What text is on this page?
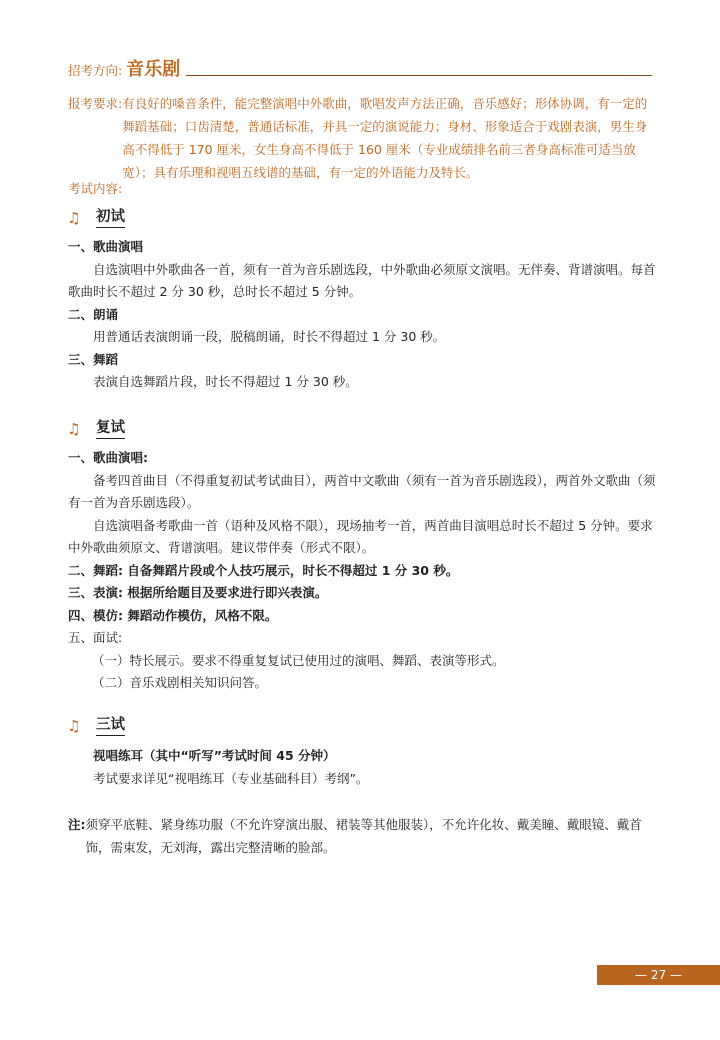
招考方向: 音乐剧
报考要求: 有良好的嗓音条件，能完整演唱中外歌曲，歌唱发声方法正确，音乐感好；形体协调，有一定的舞蹈基础；口齿清楚，普通话标准，并具一定的演说能力；身材、形象适合于戏剧表演，男生身高不得低于 170 厘米，女生身高不得低于 160 厘米（专业成绩排名前三者身高标准可适当放宽）；具有乐理和视唱五线谱的基础，有一定的外语能力及特长。
考试内容:
♫ 初试
一、歌曲演唱
自选演唱中外歌曲各一首，须有一首为音乐剧选段，中外歌曲必须原文演唱。无伴奏、背谱演唱。每首歌曲时长不超过 2 分 30 秒，总时长不超过 5 分钟。
二、朗诵
用普通话表演朗诵一段，脱稿朗诵，时长不得超过 1 分 30 秒。
三、舞蹈
表演自选舞蹈片段，时长不得超过 1 分 30 秒。
♫ 复试
一、歌曲演唱:
备考四首曲目（不得重复初试考试曲目），两首中文歌曲（须有一首为音乐剧选段），两首外文歌曲（须有一首为音乐剧选段）。
自选演唱备考歌曲一首（语种及风格不限），现场抽考一首，两首曲目演唱总时长不超过 5 分钟。要求中外歌曲须原文、背谱演唱。建议带伴奏（形式不限）。
二、舞蹈: 自备舞蹈片段或个人技巧展示，时长不得超过 1 分 30 秒。
三、表演: 根据所给题目及要求进行即兴表演。
四、模仿: 舞蹈动作模仿，风格不限。
五、面试:
（一）特长展示。要求不得重复复试已使用过的演唱、舞蹈、表演等形式。
（二）音乐戏剧相关知识问答。
♫ 三试
视唱练耳（其中“听写”考试时间 45 分钟）
考试要求详见“视唱练耳（专业基础科目）考纲”。
注: 须穿平底鞋、紧身练功服（不允许穿演出服、裙装等其他服装），不允许化妆、戴美瞳、戴眼镜、戴首饰，需束发，无刘海，露出完整清晰的脸部。
— 27 —
